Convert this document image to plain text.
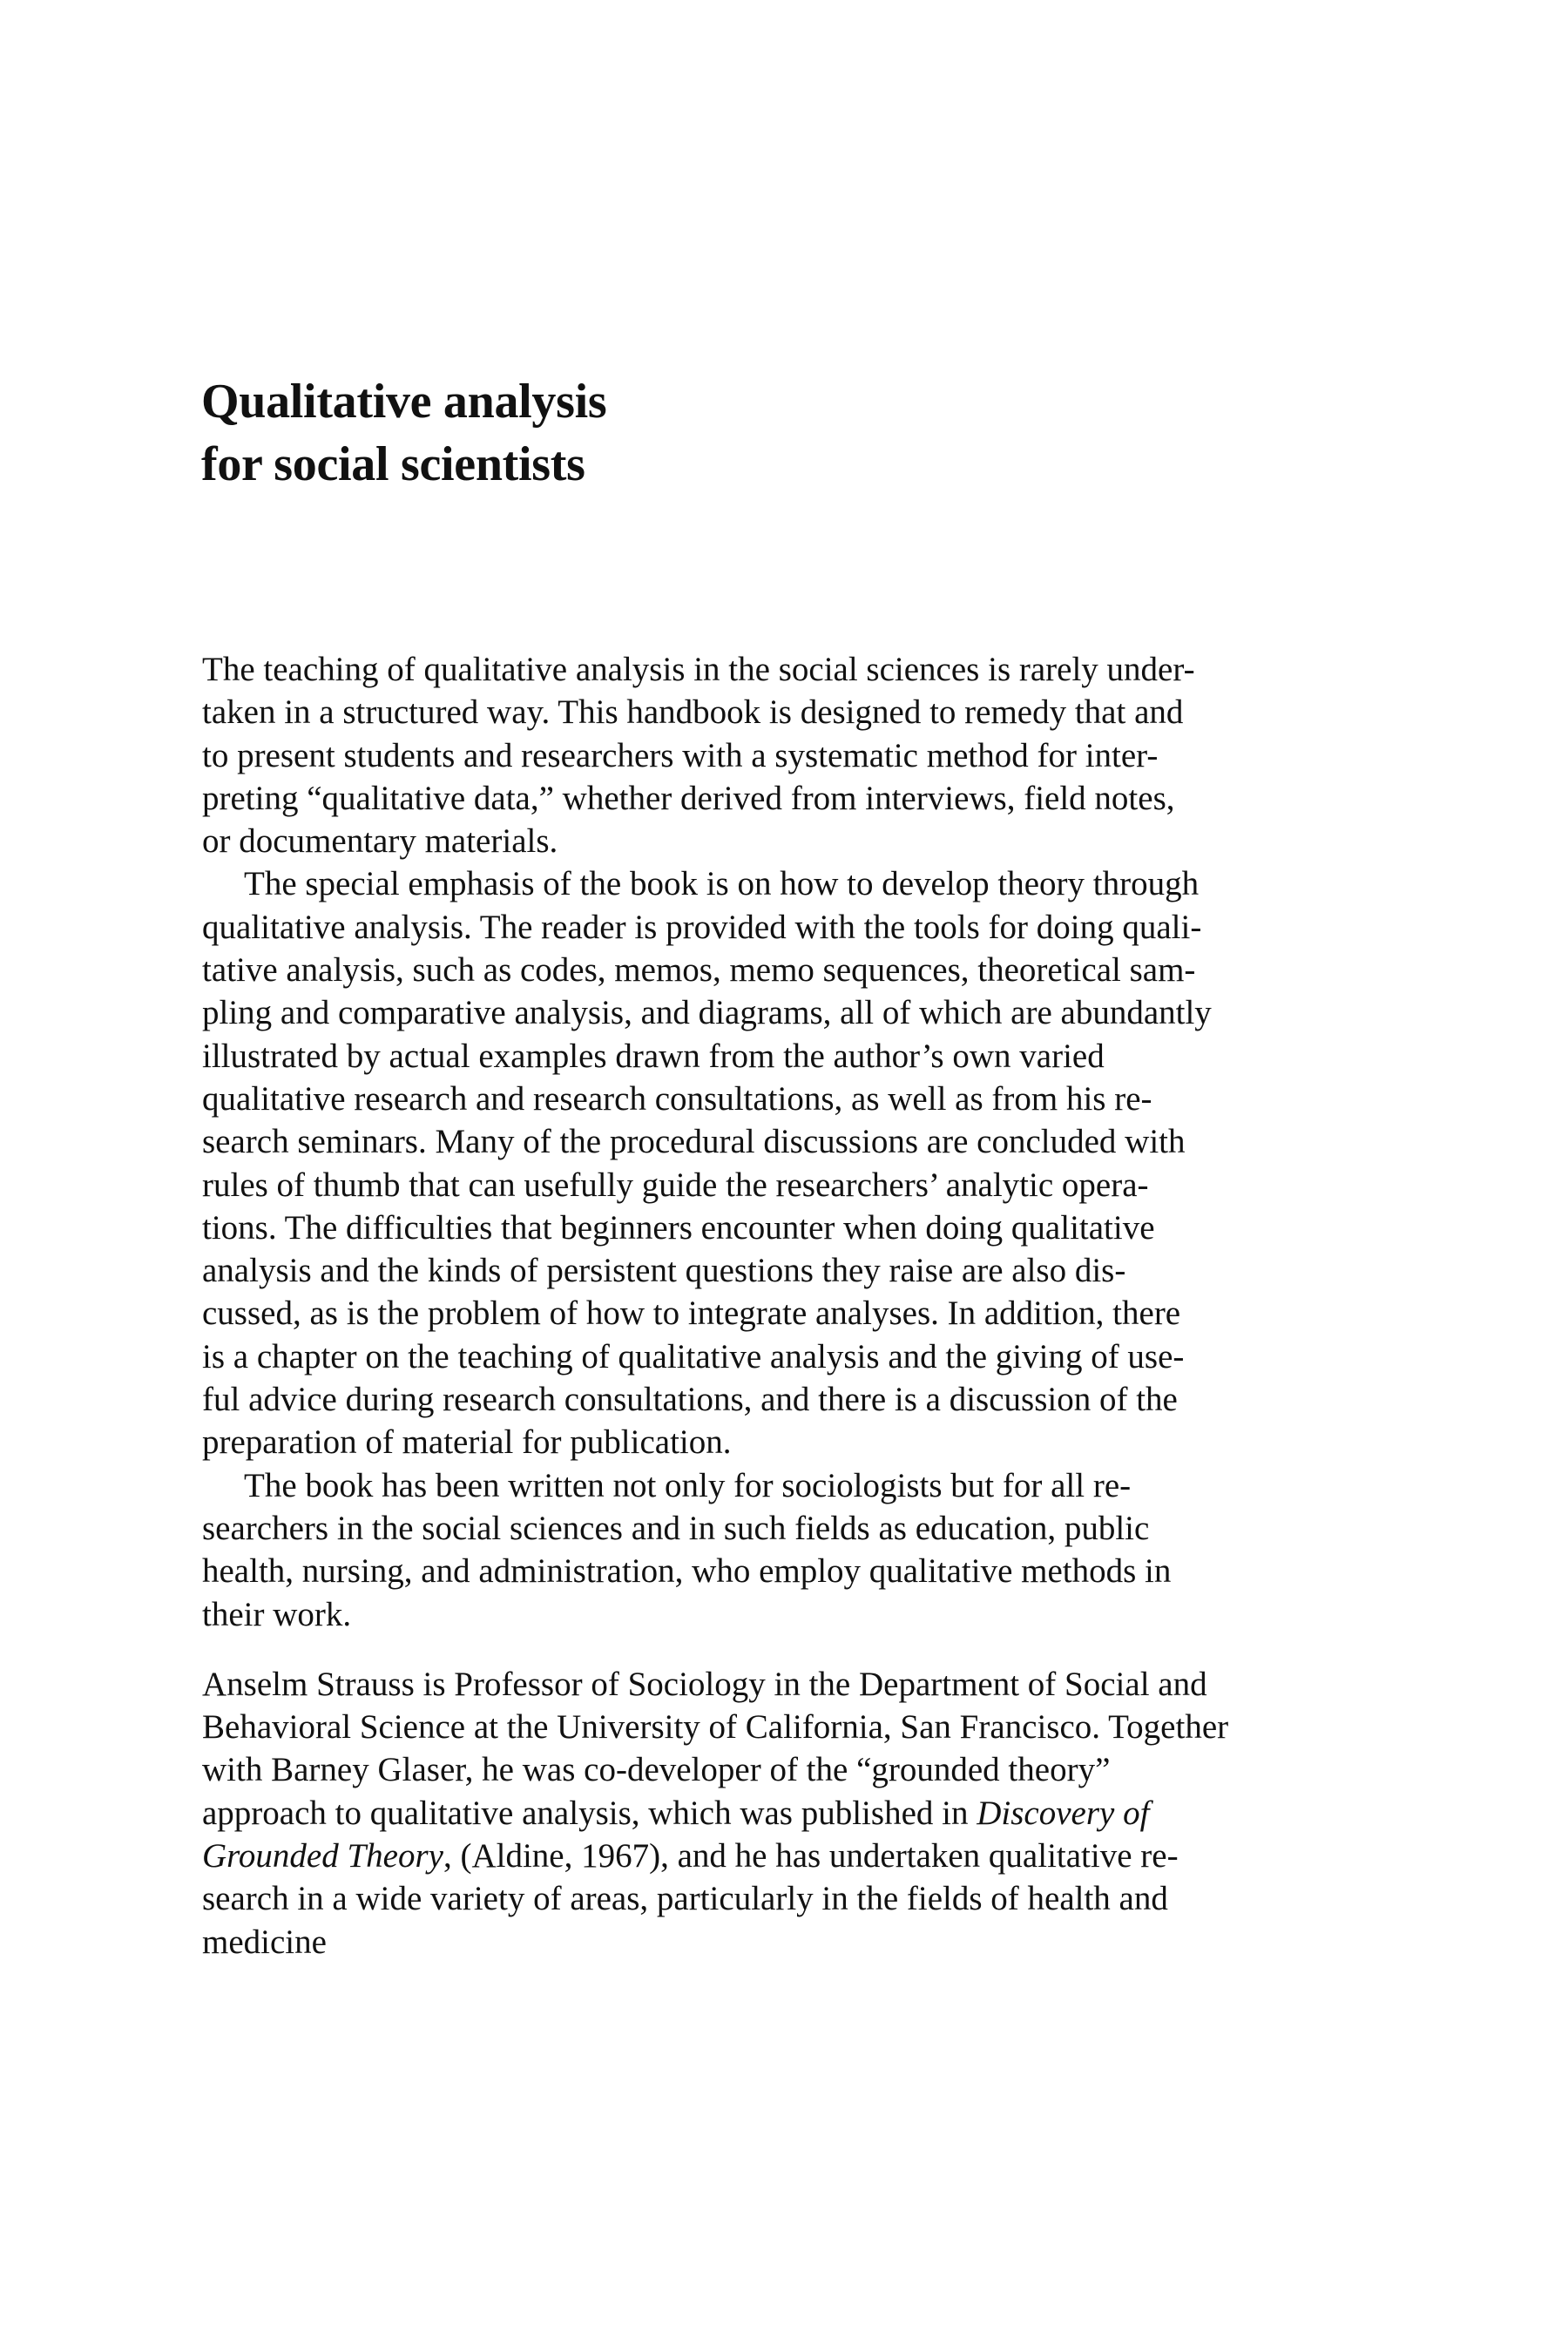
Qualitative analysis
for social scientists
The teaching of qualitative analysis in the social sciences is rarely under-
taken in a structured way. This handbook is designed to remedy that and
to present students and researchers with a systematic method for inter-
preting “qualitative data,” whether derived from interviews, field notes,
or documentary materials.
The special emphasis of the book is on how to develop theory through
qualitative analysis. The reader is provided with the tools for doing quali-
tative analysis, such as codes, memos, memo sequences, theoretical sam-
pling and comparative analysis, and diagrams, all of which are abundantly
illustrated by actual examples drawn from the author’s own varied
qualitative research and research consultations, as well as from his re-
search seminars. Many of the procedural discussions are concluded with
rules of thumb that can usefully guide the researchers’ analytic opera-
tions. The difficulties that beginners encounter when doing qualitative
analysis and the kinds of persistent questions they raise are also dis-
cussed, as is the problem of how to integrate analyses. In addition, there
is a chapter on the teaching of qualitative analysis and the giving of use-
ful advice during research consultations, and there is a discussion of the
preparation of material for publication.
The book has been written not only for sociologists but for all re-
searchers in the social sciences and in such fields as education, public
health, nursing, and administration, who employ qualitative methods in
their work.
Anselm Strauss is Professor of Sociology in the Department of Social and
Behavioral Science at the University of California, San Francisco. Together
with Barney Glaser, he was co-developer of the “grounded theory”
approach to qualitative analysis, which was published in Discovery of
Grounded Theory, (Aldine, 1967), and he has undertaken qualitative re-
search in a wide variety of areas, particularly in the fields of health and
medicine
